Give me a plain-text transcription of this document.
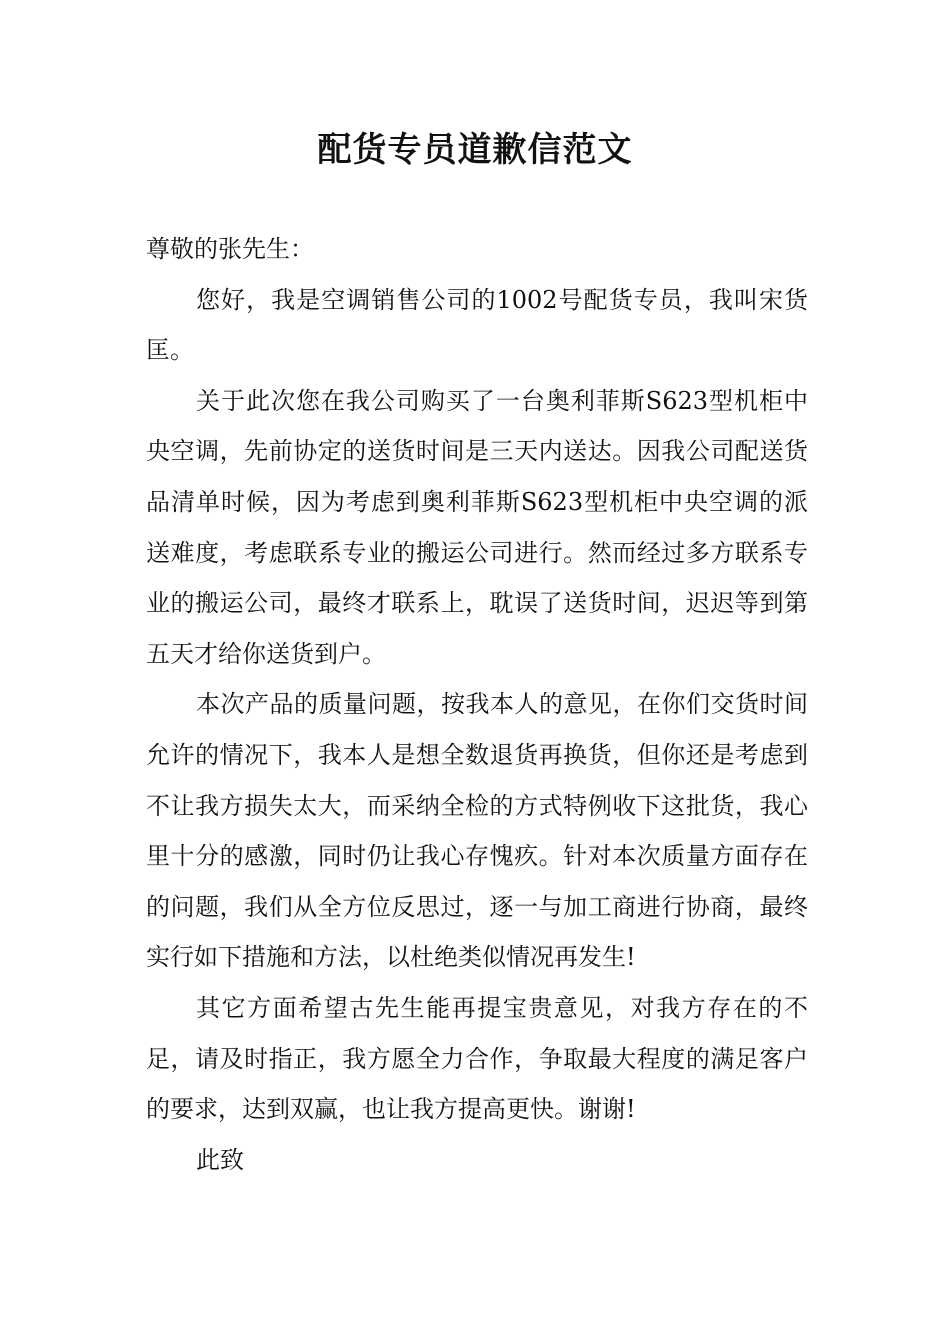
配货专员道歉信范文

尊敬的张先生：

您好，我是空调销售公司的1002号配货专员，我叫宋货匡。

关于此次您在我公司购买了一台奥利菲斯S623型机柜中央空调，先前协定的送货时间是三天内送达。因我公司配送货品清单时候，因为考虑到奥利菲斯S623型机柜中央空调的派送难度，考虑联系专业的搬运公司进行。然而经过多方联系专业的搬运公司，最终才联系上，耽误了送货时间，迟迟等到第五天才给你送货到户。

本次产品的质量问题，按我本人的意见，在你们交货时间允许的情况下，我本人是想全数退货再换货，但你还是考虑到不让我方损失太大，而采纳全检的方式特例收下这批货，我心里十分的感激，同时仍让我心存愧疚。针对本次质量方面存在的问题，我们从全方位反思过，逐一与加工商进行协商，最终实行如下措施和方法，以杜绝类似情况再发生!

其它方面希望古先生能再提宝贵意见，对我方存在的不足，请及时指正，我方愿全力合作，争取最大程度的满足客户的要求，达到双赢，也让我方提高更快。谢谢!

此致
